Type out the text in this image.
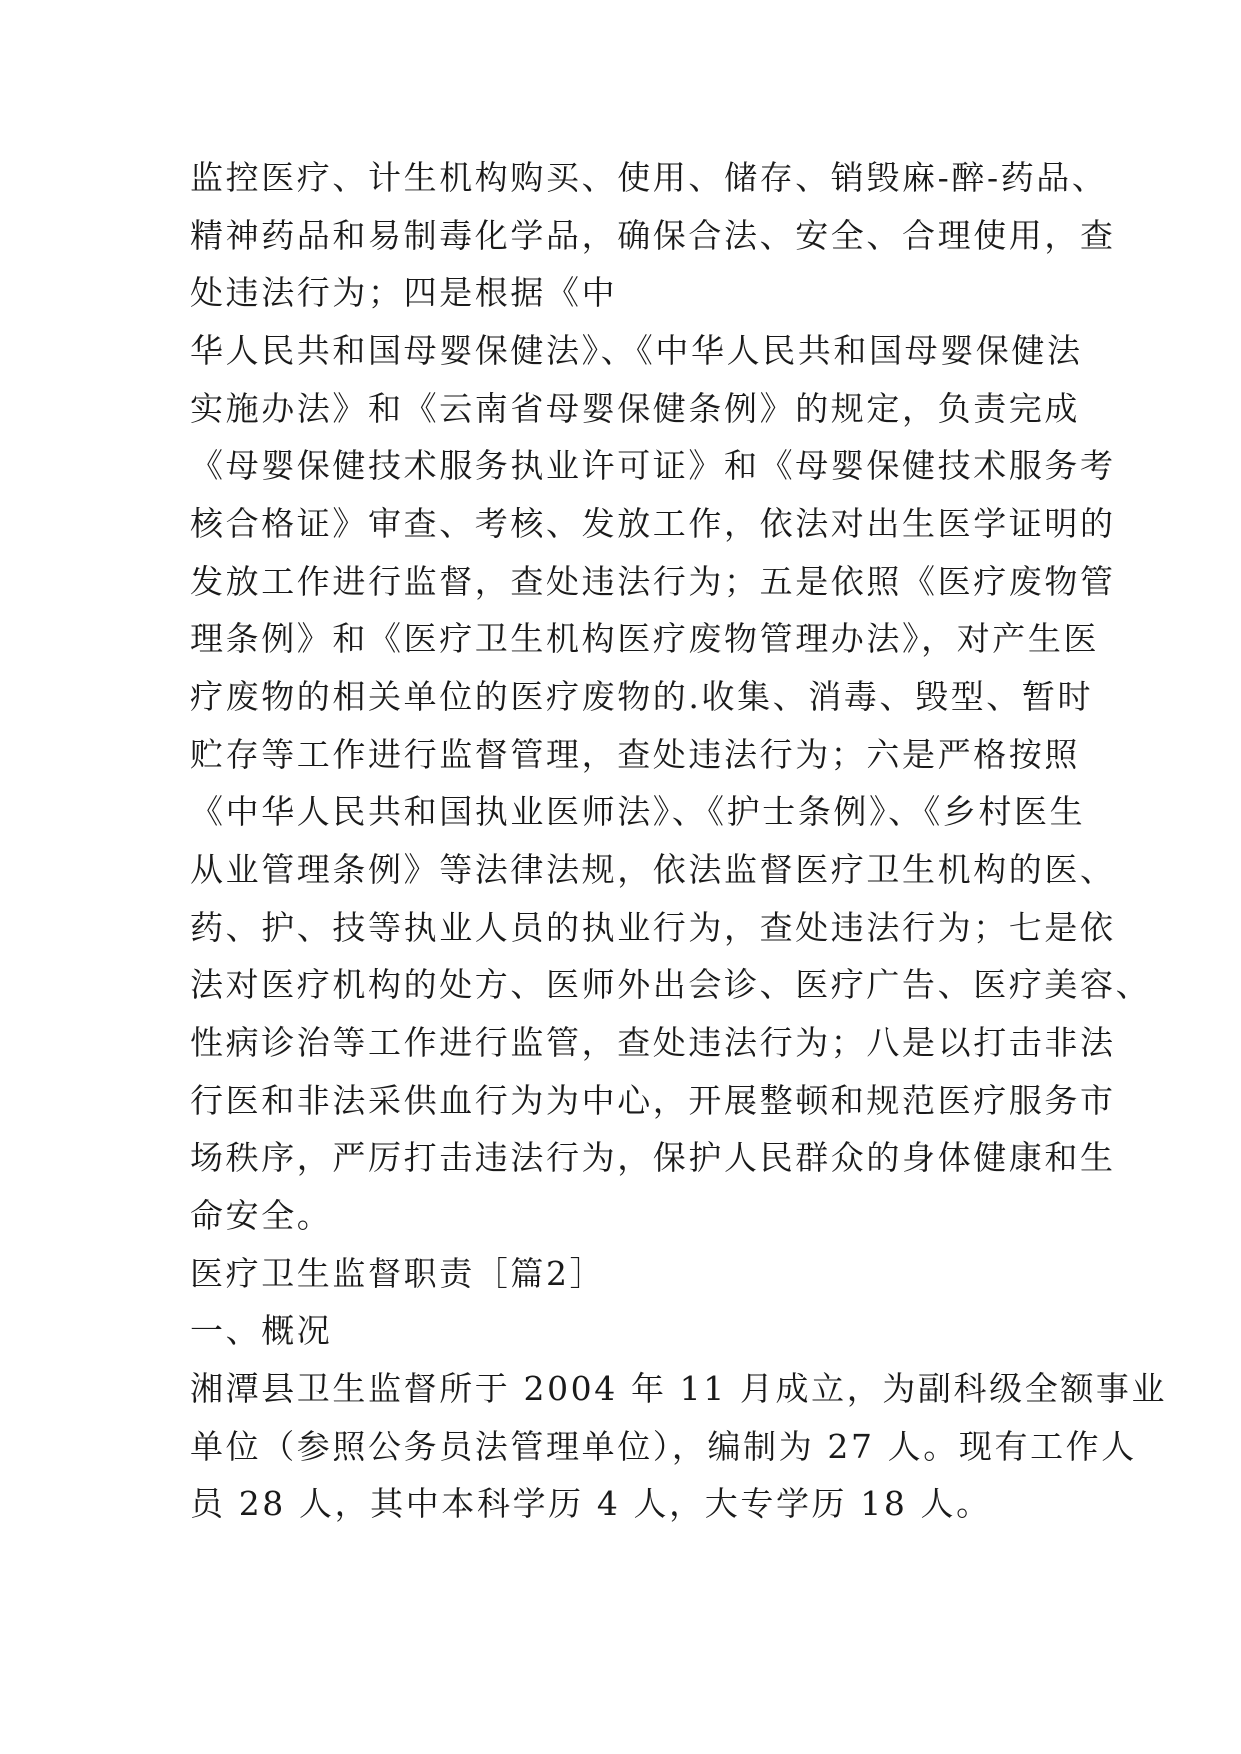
监控医疗、计生机构购买、使用、储存、销毁麻-醉-药品、

精神药品和易制毒化学品，确保合法、安全、合理使用，查

处违法行为；四是根据《中

华人民共和国母婴保健法》、《中华人民共和国母婴保健法

实施办法》和《云南省母婴保健条例》的规定，负责完成

《母婴保健技术服务执业许可证》和《母婴保健技术服务考

核合格证》审查、考核、发放工作，依法对出生医学证明的

发放工作进行监督，查处违法行为；五是依照《医疗废物管

理条例》和《医疗卫生机构医疗废物管理办法》，对产生医

疗废物的相关单位的医疗废物的.收集、消毒、毁型、暂时

贮存等工作进行监督管理，查处违法行为；六是严格按照

《中华人民共和国执业医师法》、《护士条例》、《乡村医生

从业管理条例》等法律法规，依法监督医疗卫生机构的医、

药、护、技等执业人员的执业行为，查处违法行为；七是依

法对医疗机构的处方、医师外出会诊、医疗广告、医疗美容、

性病诊治等工作进行监管，查处违法行为；八是以打击非法

行医和非法采供血行为为中心，开展整顿和规范医疗服务市

场秩序，严厉打击违法行为，保护人民群众的身体健康和生

命安全。

医疗卫生监督职责［篇2］

一、概况

湘潭县卫生监督所于 2004 年 11 月成立，为副科级全额事业

单位（参照公务员法管理单位），编制为 27 人。现有工作人

员 28 人，其中本科学历 4 人，大专学历 18 人。
